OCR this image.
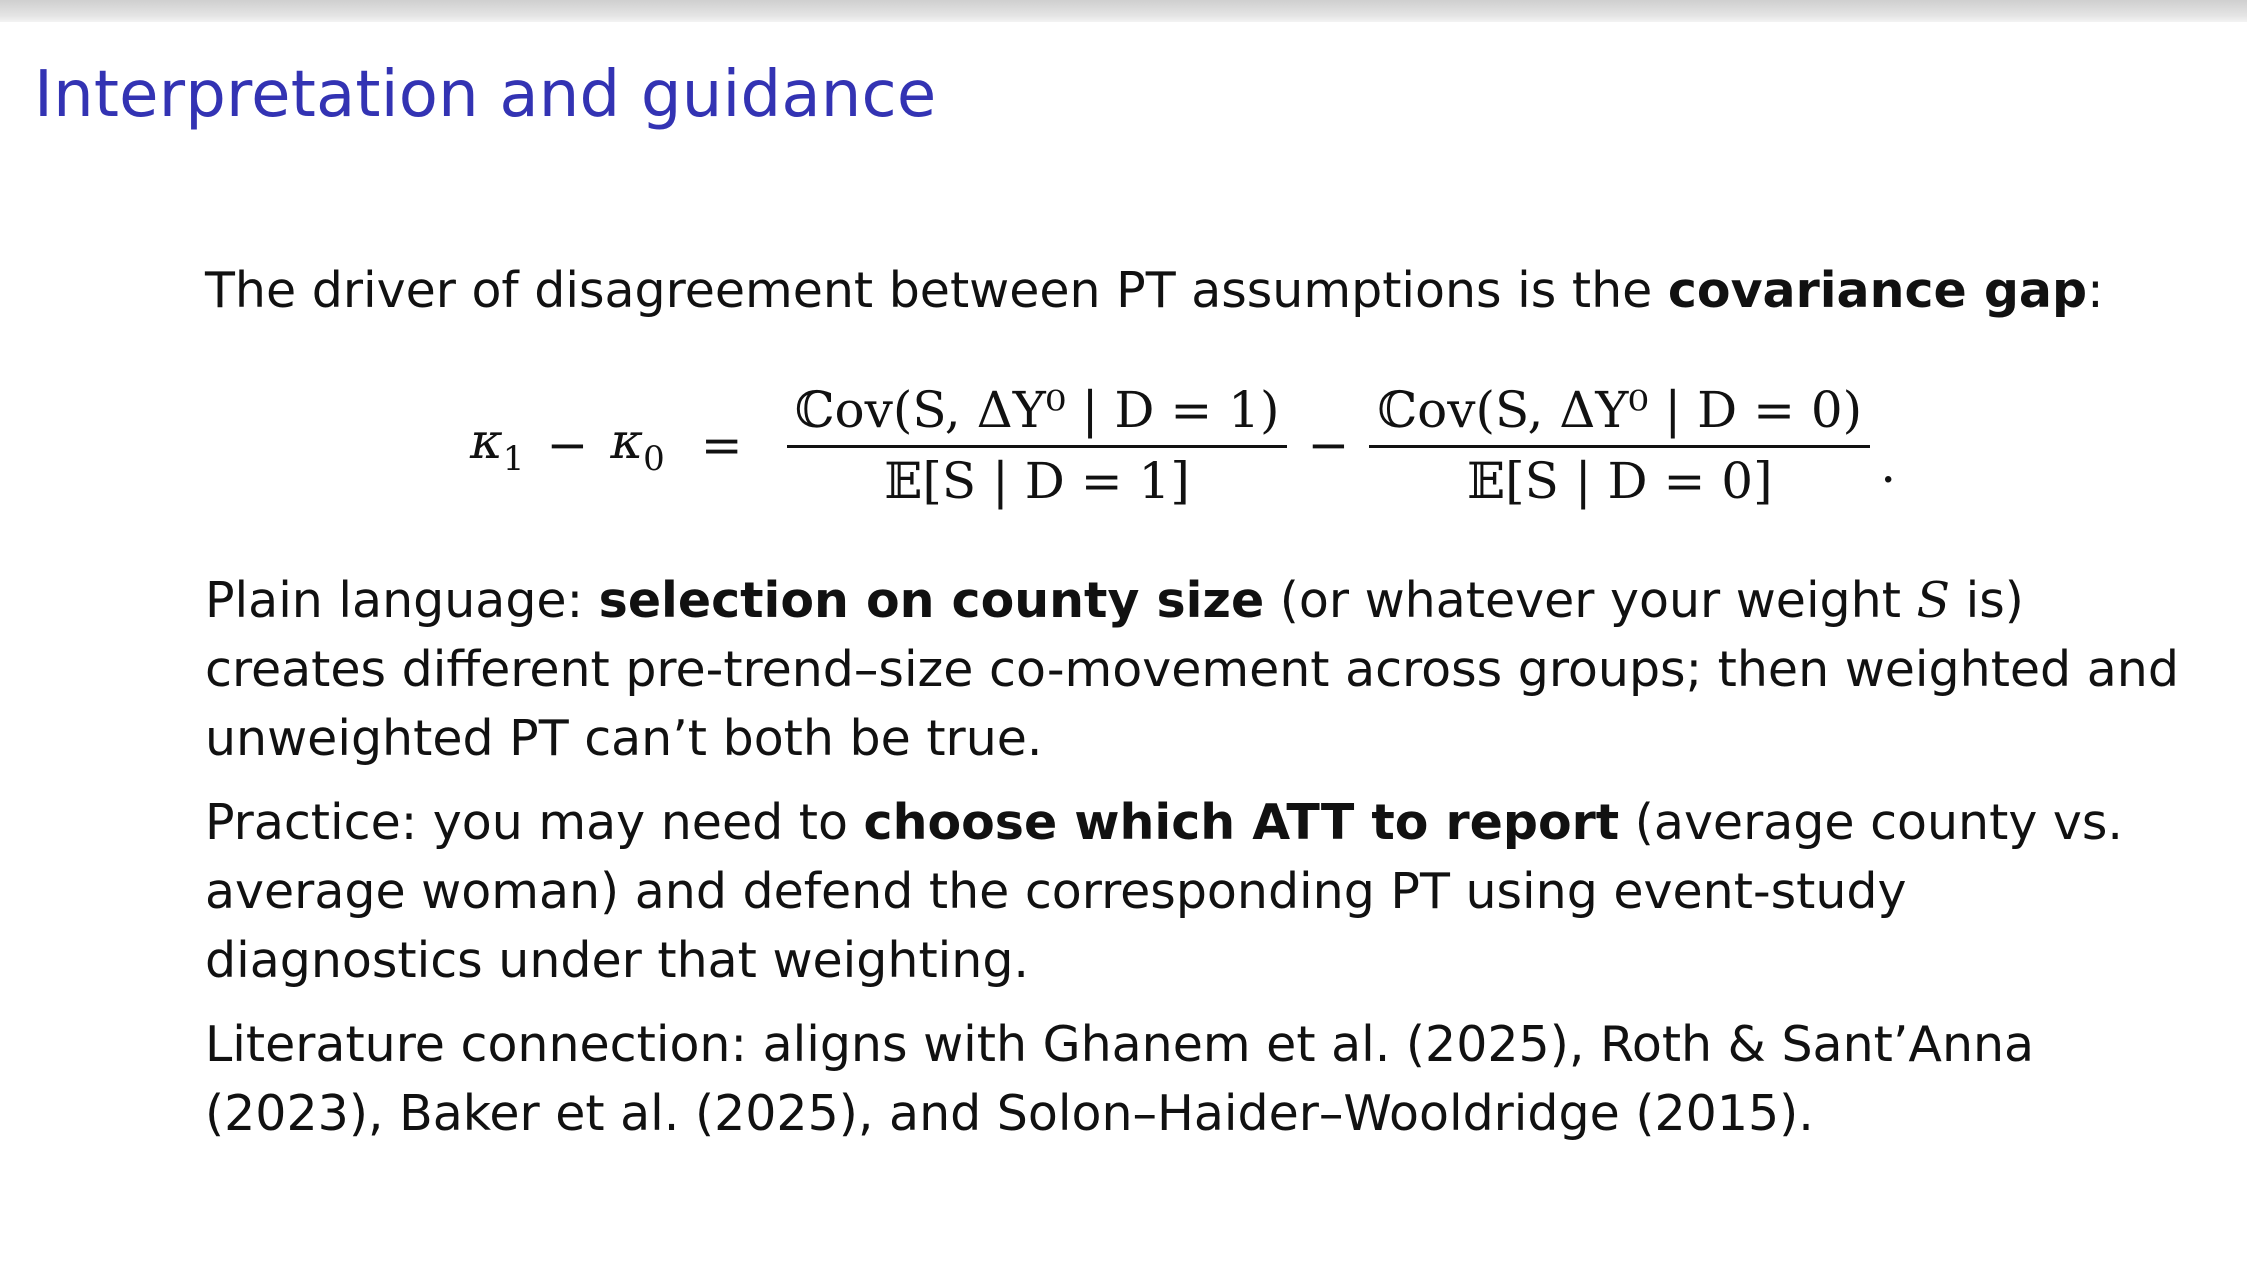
Interpretation and guidance
The driver of disagreement between PT assumptions is the covariance gap:
$\kappa_1 - \kappa_0 = \frac{\text{ℂov(S, ΔY⁰ | D = 1)}}{\text{𝔼[S | D = 1]}} - \frac{\text{ℂov(S, ΔY⁰ | D = 0)}}{\text{𝔼[S | D = 0]}}$ .
Plain language: selection on county size (or whatever your weight S is) creates different pre-trend–size co-movement across groups; then weighted and unweighted PT can’t both be true.
Practice: you may need to choose which ATT to report (average county vs. average woman) and defend the corresponding PT using event-study diagnostics under that weighting.
Literature connection: aligns with Ghanem et al. (2025), Roth & Sant’Anna (2023), Baker et al. (2025), and Solon–Haider–Wooldridge (2015).
